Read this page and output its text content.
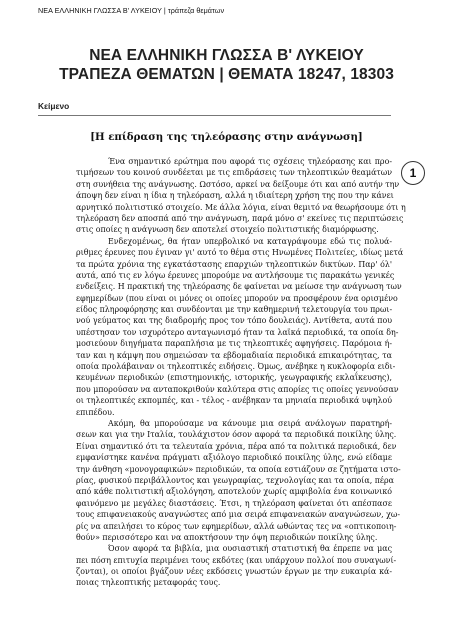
ΝΕΑ ΕΛΛΗΝΙΚΗ ΓΛΩΣΣΑ Β' ΛΥΚΕΙΟΥ | τράπεζα θεμάτων
ΝΕΑ ΕΛΛΗΝΙΚΗ ΓΛΩΣΣΑ Β' ΛΥΚΕΙΟΥ
ΤΡΑΠΕΖΑ ΘΕΜΑΤΩΝ | ΘΕΜΑΤΑ 18247, 18303
Κείμενο
[Η επίδραση της τηλεόρασης στην ανάγνωση]
1
Ένα σημαντικό ερώτημα που αφορά τις σχέσεις τηλεόρασης και προ-
τιμήσεων του κοινού συνδέεται με τις επιδράσεις των τηλεοπτικών θεαμάτων
στη συνήθεια της ανάγνωσης. Ωστόσο, αρκεί να δείξουμε ότι και από αυτήν την
άποψη δεν είναι η ίδια η τηλεόραση, αλλά η ιδιαίτερη χρήση της που την κάνει
αρνητικό πολιτιστικό στοιχείο. Με άλλα λόγια, είναι θεμιτό να θεωρήσουμε ότι η
τηλεόραση δεν αποσπά από την ανάγνωση, παρά μόνο σ' εκείνες τις περιπτώσεις
στις οποίες η ανάγνωση δεν αποτελεί στοιχείο πολιτιστικής διαμόρφωσης.
Ενδεχομένως, θα ήταν υπερβολικό να καταγράψουμε εδώ τις πολυά-
ριθμες έρευνες που έγιναν γι' αυτό το θέμα στις Ηνωμένες Πολιτείες, ιδίως μετά
τα πρώτα χρόνια της εγκατάστασης επαρχιών τηλεοπτικών δικτύων. Παρ' όλ'
αυτά, από τις εν λόγω έρευνες μπορούμε να αντλήσουμε τις παρακάτω γενικές
ενδείξεις. Η πρακτική της τηλεόρασης δε φαίνεται να μείωσε την ανάγνωση των
εφημερίδων (που είναι οι μόνες οι οποίες μπορούν να προσφέρουν ένα ορισμένο
είδος πληροφόρησης και συνδέονται με την καθημερινή τελετουργία του πρωι-
νού γεύματος και της διαδρομής προς τον τόπο δουλειάς). Αντίθετα, αυτά που
υπέστησαν τον ισχυρότερο ανταγωνισμό ήταν τα λαϊκά περιοδικά, τα οποία δη-
μοσιεύουν διηγήματα παραπλήσια με τις τηλεοπτικές αφηγήσεις. Παρόμοια ή-
ταν και η κάμψη που σημειώσαν τα εβδομαδιαία περιοδικά επικαιρότητας, τα
οποία προλάβαιναν οι τηλεοπτικές ειδήσεις. Όμως, ανέβηκε η κυκλοφορία ειδι-
κευμένων περιοδικών (επιστημονικής, ιστορικής, γεωγραφικής εκλαΐκευσης),
που μπορούσαν να ανταποκριθούν καλύτερα στις απορίες τις οποίες γεννούσαν
οι τηλεοπτικές εκπομπές, και - τέλος - ανέβηκαν τα μηνιαία περιοδικά υψηλού
επιπέδου.
Ακόμη, θα μπορούσαμε να κάνουμε μια σειρά ανάλογων παρατηρή-
σεων και για την Ιταλία, τουλάχιστον όσον αφορά τα περιοδικά ποικίλης ύλης.
Είναι σημαντικό ότι τα τελευταία χρόνια, πέρα από τα πολιτικά περιοδικά, δεν
εμφανίστηκε κανένα πράγματι αξιόλογο περιοδικό ποικίλης ύλης, ενώ είδαμε
την άνθηση «μονογραφικών» περιοδικών, τα οποία εστιάζουν σε ζητήματα ιστο-
ρίας, φυσικού περιβάλλοντος και γεωγραφίας, τεχνολογίας και τα οποία, πέρα
από κάθε πολιτιστική αξιολόγηση, αποτελούν χωρίς αμφιβολία ένα κοινωνικό
φαινόμενο με μεγάλες διαστάσεις. Έτσι, η τηλεόραση φαίνεται ότι απέσπασε
τους επιφανειακούς αναγνώστες από μια σειρά επιφανειακών αναγνώσεων, χω-
ρίς να απειλήσει το κύρος των εφημερίδων, αλλά ωθώντας τες να «οπτικοποιη-
θούν» περισσότερο και να αποκτήσουν την όψη περιοδικών ποικίλης ύλης.
Όσον αφορά τα βιβλία, μια ουσιαστική στατιστική θα έπρεπε να μας
πει πόση επιτυχία περιμένει τους εκδότες (και υπάρχουν πολλοί που συναγωνί-
ζονται), οι οποίοι βγάζουν νέες εκδόσεις γνωστών έργων με την ευκαιρία κά-
ποιας τηλεοπτικής μεταφοράς τους.
